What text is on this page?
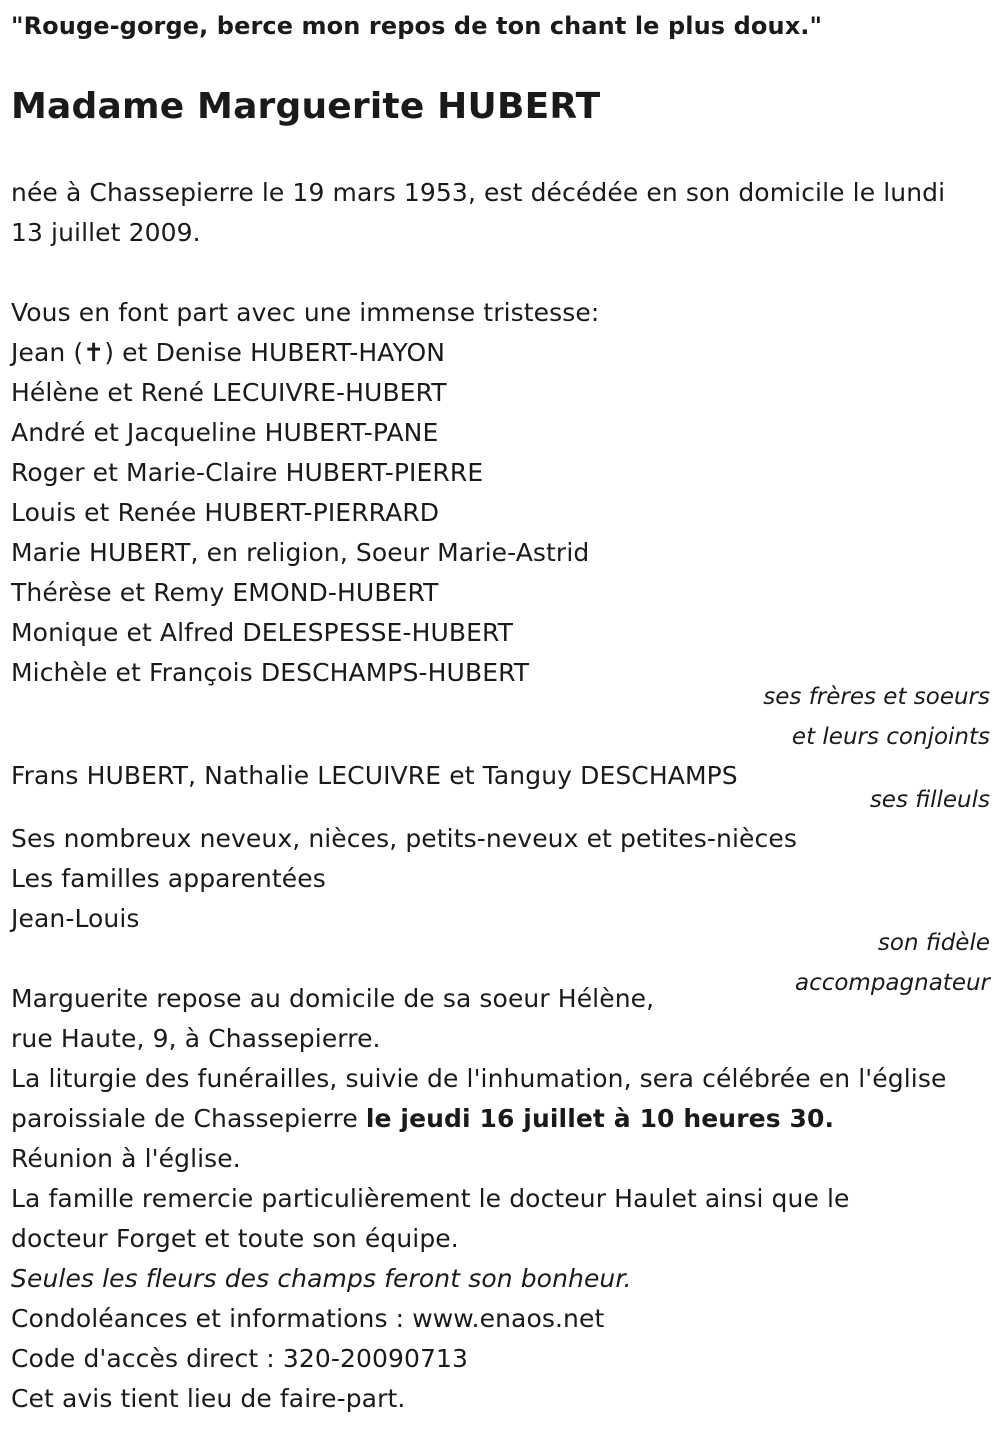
"Rouge-gorge, berce mon repos de ton chant le plus doux."
Madame Marguerite HUBERT
née à Chassepierre le 19 mars 1953, est décédée en son domicile le lundi
13 juillet 2009.
Vous en font part avec une immense tristesse:
Jean (✝) et Denise HUBERT-HAYON
Hélène et René LECUIVRE-HUBERT
André et Jacqueline HUBERT-PANE
Roger et Marie-Claire HUBERT-PIERRE
Louis et Renée HUBERT-PIERRARD
Marie HUBERT, en religion, Soeur Marie-Astrid
Thérèse et Remy EMOND-HUBERT
Monique et Alfred DELESPESSE-HUBERT
Michèle et François DESCHAMPS-HUBERT
ses frères et soeurs
et leurs conjoints
Frans HUBERT, Nathalie LECUIVRE et Tanguy DESCHAMPS
ses filleuls
Ses nombreux neveux, nièces, petits-neveux et petites-nièces
Les familles apparentées
Jean-Louis
son fidèle
accompagnateur
Marguerite repose au domicile de sa soeur Hélène,
rue Haute, 9, à Chassepierre.
La liturgie des funérailles, suivie de l'inhumation, sera célébrée en l'église
paroissiale de Chassepierre le jeudi 16 juillet à 10 heures 30.
Réunion à l'église.
La famille remercie particulièrement le docteur Haulet ainsi que le
docteur Forget et toute son équipe.
Seules les fleurs des champs feront son bonheur.
Condoléances et informations : www.enaos.net
Code d'accès direct : 320-20090713
Cet avis tient lieu de faire-part.
